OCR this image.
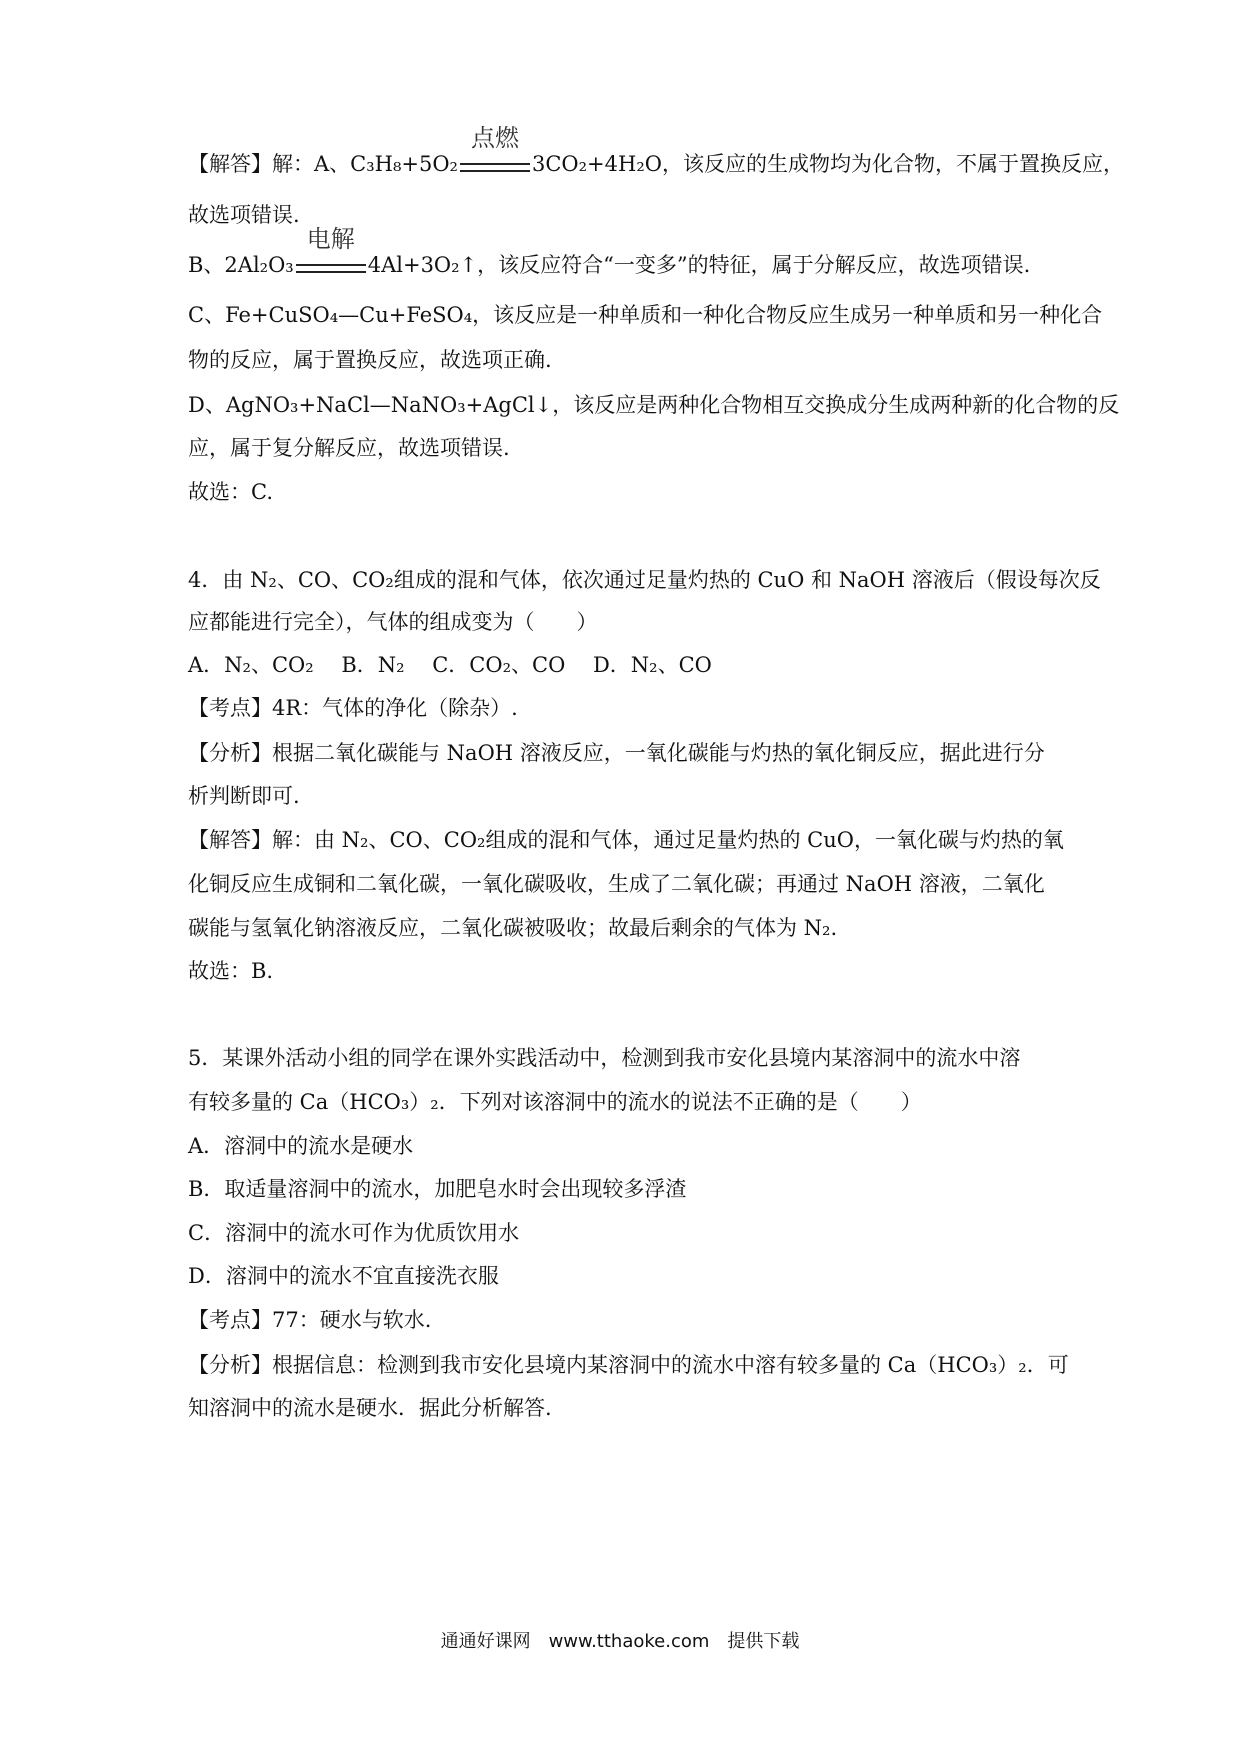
【解答】解：A、C₃H₈+5O₂
点燃
3CO₂+4H₂O，该反应的生成物均为化合物，不属于置换反应，
故选项错误.
B、2Al₂O₃
电解
4Al+3O₂↑，该反应符合“一变多”的特征，属于分解反应，故选项错误.
C、Fe+CuSO₄—Cu+FeSO₄，该反应是一种单质和一种化合物反应生成另一种单质和另一种化合
物的反应，属于置换反应，故选项正确.
D、AgNO₃+NaCl—NaNO₃+AgCl↓，该反应是两种化合物相互交换成分生成两种新的化合物的反
应，属于复分解反应，故选项错误.
故选：C.
4．由 N₂、CO、CO₂组成的混和气体，依次通过足量灼热的 CuO 和 NaOH 溶液后（假设每次反
应都能进行完全），气体的组成变为（　　）
A．N₂、CO₂　 B．N₂　 C．CO₂、CO　 D．N₂、CO
【考点】4R：气体的净化（除杂）.
【分析】根据二氧化碳能与 NaOH 溶液反应，一氧化碳能与灼热的氧化铜反应，据此进行分
析判断即可.
【解答】解：由 N₂、CO、CO₂组成的混和气体，通过足量灼热的 CuO，一氧化碳与灼热的氧
化铜反应生成铜和二氧化碳，一氧化碳吸收，生成了二氧化碳；再通过 NaOH 溶液，二氧化
碳能与氢氧化钠溶液反应，二氧化碳被吸收；故最后剩余的气体为 N₂.
故选：B.
5．某课外活动小组的同学在课外实践活动中，检测到我市安化县境内某溶洞中的流水中溶
有较多量的 Ca（HCO₃）₂．下列对该溶洞中的流水的说法不正确的是（　　）
A．溶洞中的流水是硬水
B．取适量溶洞中的流水，加肥皂水时会出现较多浮渣
C．溶洞中的流水可作为优质饮用水
D．溶洞中的流水不宜直接洗衣服
【考点】77：硬水与软水.
【分析】根据信息：检测到我市安化县境内某溶洞中的流水中溶有较多量的 Ca（HCO₃）₂．可
知溶洞中的流水是硬水．据此分析解答.
通通好课网　www.tthaoke.com　提供下载
